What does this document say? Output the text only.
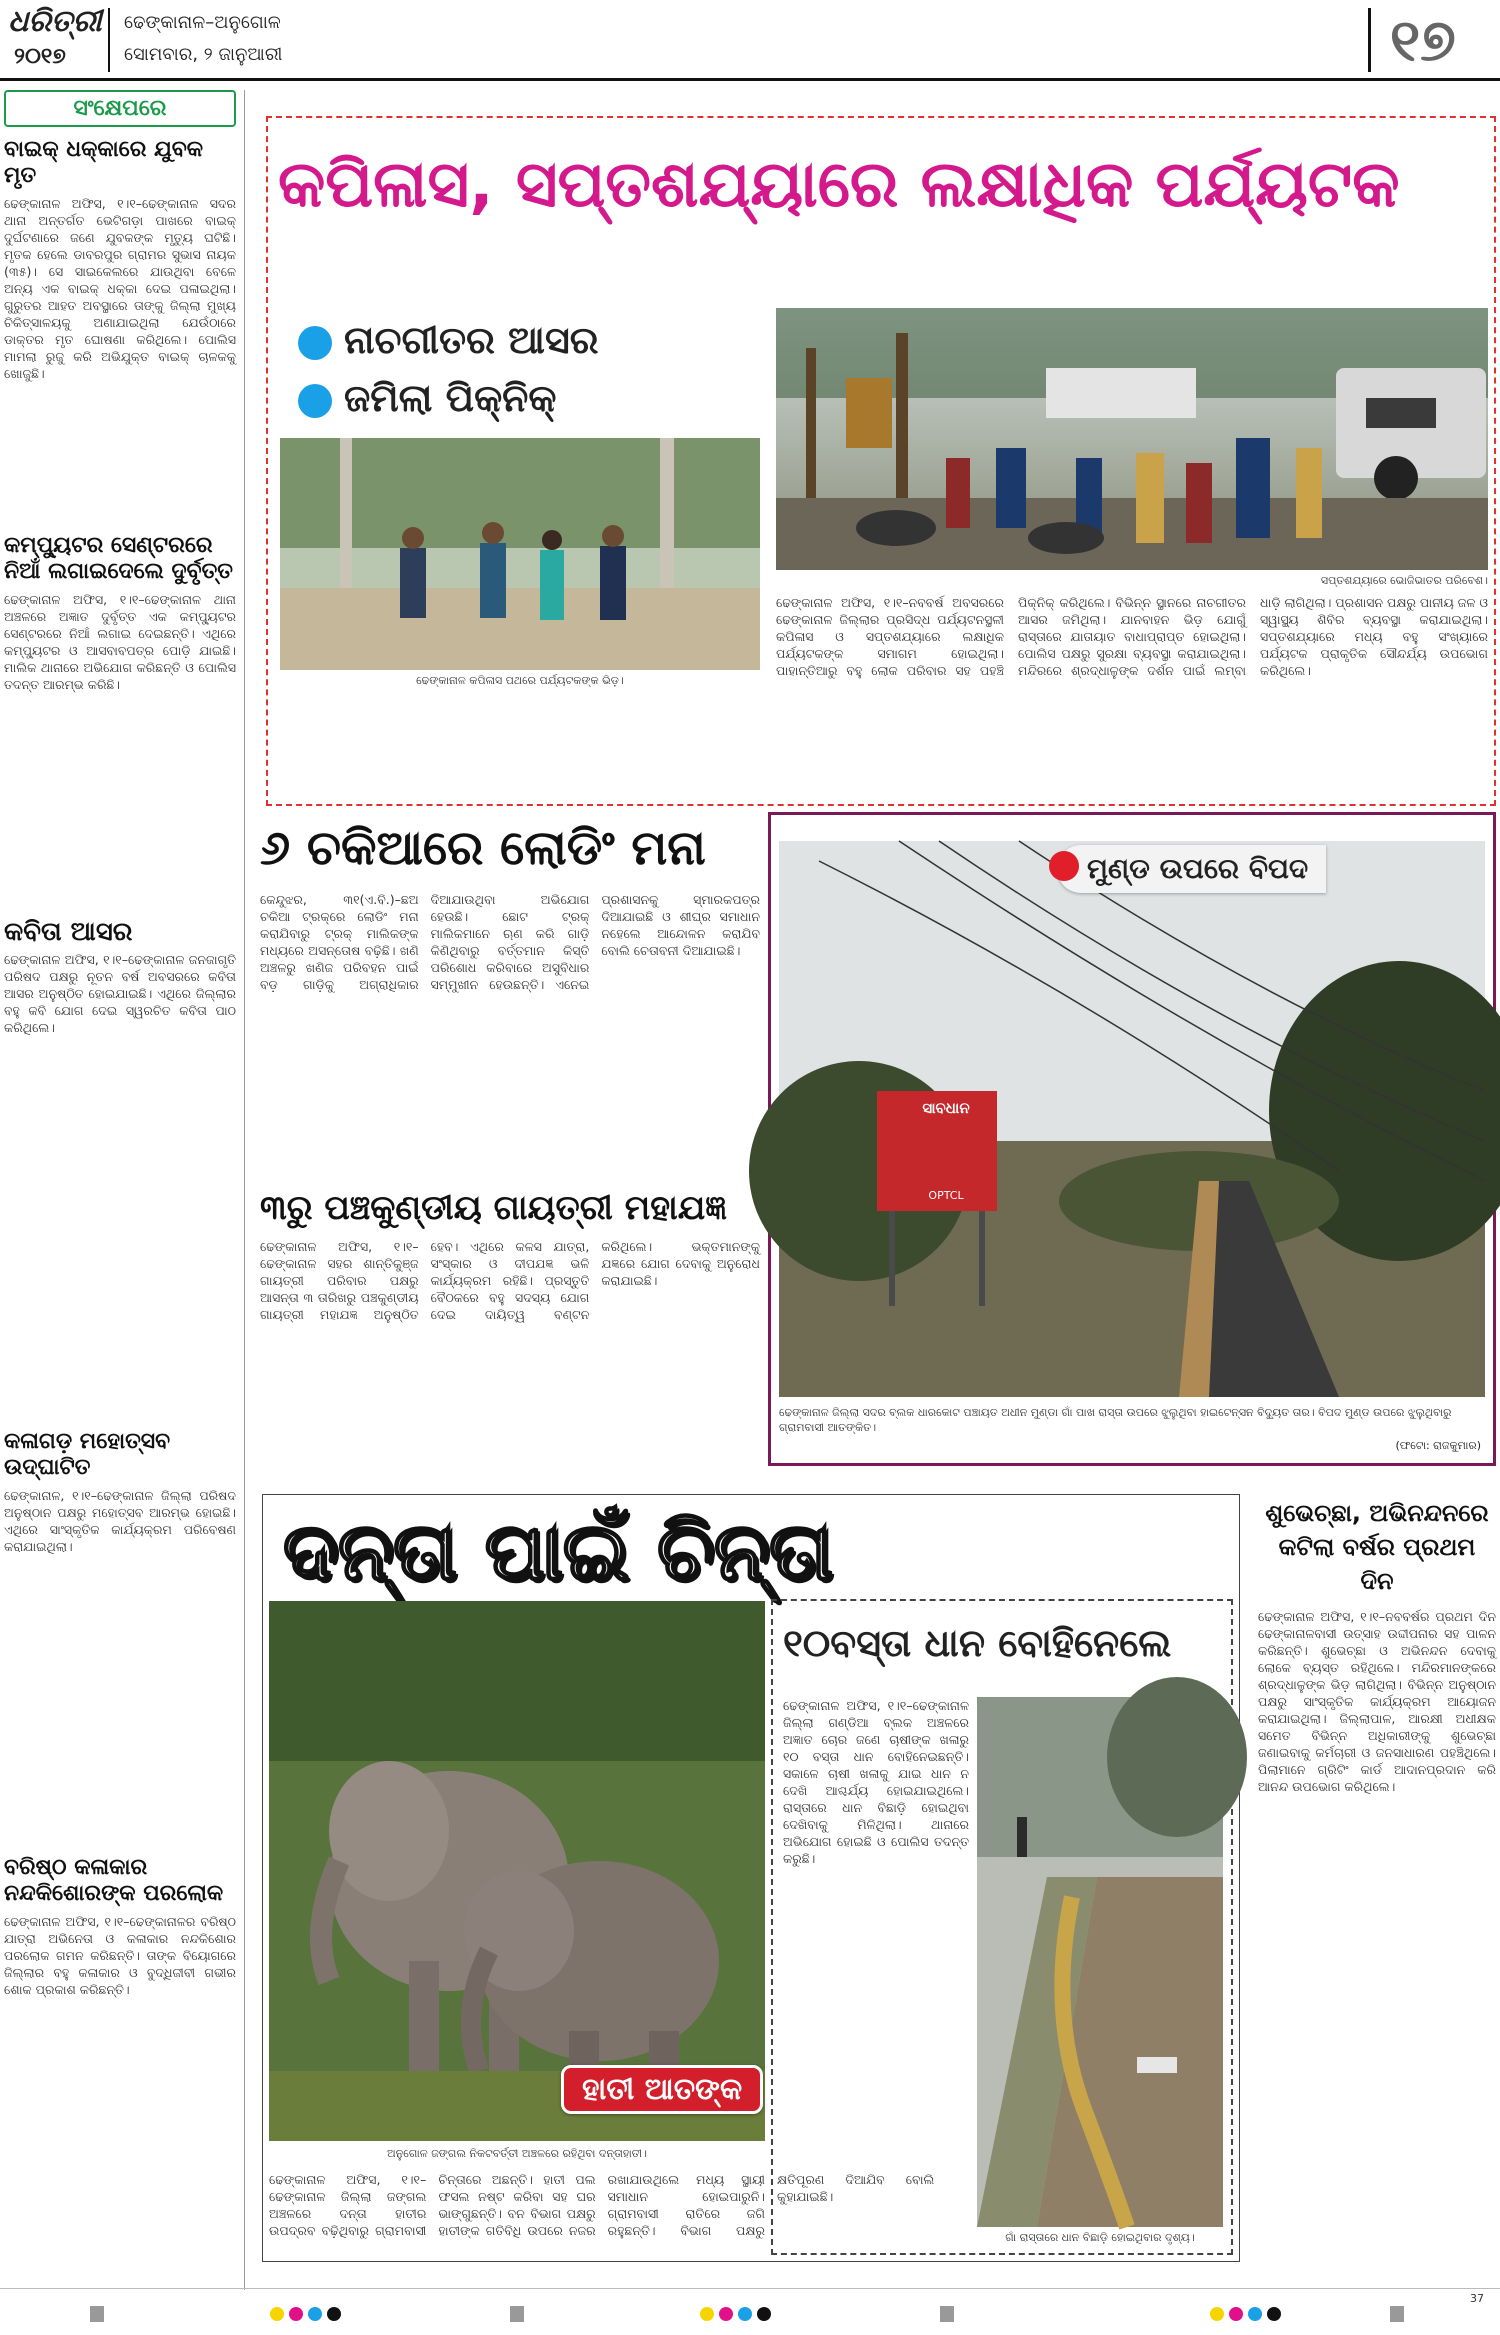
ଧରିତ୍ରୀ
୨୦୧୭
ଢେଙ୍କାନାଳ–ଅନୁଗୋଳ
ସୋମବାର, ୨ ଜାନୁଆରୀ	୧୭
ସଂକ୍ଷେପରେ
ବାଇକ୍‌ ଧକ୍କାରେ ଯୁବକ ମୃତ
ଢେଙ୍କାନାଳ ଅଫିସ, ୧।୧–ଢେଙ୍କାନାଳ ସଦର ଥାନା ଅନ୍ତର୍ଗତ ଭେଟିଗଡ଼ା ପାଖରେ ବାଇକ୍‌ ଦୁର୍ଘଟଣାରେ ଜଣେ ଯୁବକଙ୍କ ମୃତ୍ୟୁ ଘଟିଛି। ମୃତକ ହେଲେ ଡାବରପୁର ଗ୍ରାମର ସୁଭାସ ନାୟକ (୩୫)। ସେ ସାଇକେଲରେ ଯାଉଥିବା ବେଳେ ଅନ୍ୟ ଏକ ବାଇକ୍‌ ଧକ୍କା ଦେଇ ପଳାଇଥିଲା। ଗୁରୁତର ଆହତ ଅବସ୍ଥାରେ ତାଙ୍କୁ ଜିଲ୍ଲା ମୁଖ୍ୟ ଚିକିତ୍ସାଳୟକୁ ଅଣାଯାଇଥିଲା ଯେଉଁଠାରେ ଡାକ୍ତର ମୃତ ଘୋଷଣା କରିଥିଲେ। ପୋଲିସ ମାମଲା ରୁଜୁ କରି ଅଭିଯୁକ୍ତ ବାଇକ୍‌ ଚାଳକକୁ ଖୋଜୁଛି।
କମ୍ପ୍ୟୁଟର ସେଣ୍ଟରରେ ନିଆଁ ଲଗାଇଦେଲେ ଦୁର୍ବୃତ୍ତ
ଢେଙ୍କାନାଳ ଅଫିସ, ୧।୧–ଢେଙ୍କାନାଳ ଥାନା ଅଞ୍ଚଳରେ ଅଜ୍ଞାତ ଦୁର୍ବୃତ୍ତ ଏକ କମ୍ପ୍ୟୁଟର ସେଣ୍ଟରରେ ନିଆଁ ଲଗାଇ ଦେଇଛନ୍ତି। ଏଥିରେ କମ୍ପ୍ୟୁଟର ଓ ଆସବାବପତ୍ର ପୋଡ଼ି ଯାଇଛି। ମାଲିକ ଥାନାରେ ଅଭିଯୋଗ କରିଛନ୍ତି ଓ ପୋଲିସ ତଦନ୍ତ ଆରମ୍ଭ କରିଛି।
କବିତା ଆସର
ଢେଙ୍କାନାଳ ଅଫିସ, ୧।୧–ଢେଙ୍କାନାଳ ଜନଜାଗୃତି ପରିଷଦ ପକ୍ଷରୁ ନୂତନ ବର୍ଷ ଅବସରରେ କବିତା ଆସର ଅନୁଷ୍ଠିତ ହୋଇଯାଇଛି। ଏଥିରେ ଜିଲ୍ଲାର ବହୁ କବି ଯୋଗ ଦେଇ ସ୍ୱରଚିତ କବିତା ପାଠ କରିଥିଲେ।
କଳାଗଡ଼ ମହୋତ୍ସବ ଉଦ୍‌ଘାଟିତ
ଢେଙ୍କାନାଳ, ୧।୧–ଢେଙ୍କାନାଳ ଜିଲ୍ଲା ପରିଷଦ ଅନୁଷ୍ଠାନ ପକ୍ଷରୁ ମହୋତ୍ସବ ଆରମ୍ଭ ହୋଇଛି। ଏଥିରେ ସାଂସ୍କୃତିକ କାର୍ଯ୍ୟକ୍ରମ ପରିବେଷଣ କରାଯାଇଥିଲା।
ବରିଷ୍ଠ କଳାକାର ନନ୍ଦକିଶୋରଙ୍କ ପରଲୋକ
ଢେଙ୍କାନାଳ ଅଫିସ, ୧।୧–ଢେଙ୍କାନାଳର ବରିଷ୍ଠ ଯାତ୍ରା ଅଭିନେତା ଓ କଳାକାର ନନ୍ଦକିଶୋର ପରଲୋକ ଗମନ କରିଛନ୍ତି। ତାଙ୍କ ବିୟୋଗରେ ଜିଲ୍ଲାର ବହୁ କଳାକାର ଓ ବୁଦ୍ଧିଜୀବୀ ଗଭୀର ଶୋକ ପ୍ରକାଶ କରିଛନ୍ତି।
କପିଳାସ, ସପ୍ତଶଯ୍ୟାରେ ଲକ୍ଷାଧିକ ପର୍ଯ୍ୟଟକ
ନାଚଗୀତର ଆସର
ଜମିଲା ପିକ୍‌ନିକ୍‌
ସପ୍ତଶଯ୍ୟାରେ ଭୋଜିଭାତର ପରିବେଶ।
ଢେଙ୍କାନାଳ କପିଳାସ ପଥରେ ପର୍ଯ୍ୟଟକଙ୍କ ଭିଡ଼।
ଢେଙ୍କାନାଳ ଅଫିସ, ୧।୧–ନବବର୍ଷ ଅବସରରେ ଢେଙ୍କାନାଳ ଜିଲ୍ଲାର ପ୍ରସିଦ୍ଧ ପର୍ଯ୍ୟଟନସ୍ଥଳୀ କପିଳାସ ଓ ସପ୍ତଶଯ୍ୟାରେ ଲକ୍ଷାଧିକ ପର୍ଯ୍ୟଟକଙ୍କ ସମାଗମ ହୋଇଥିଲା। ପାହାନ୍ତିଆରୁ ବହୁ ଲୋକ ପରିବାର ସହ ପହଞ୍ଚି ପିକ୍‌ନିକ୍‌ କରିଥିଲେ। ବିଭିନ୍ନ ସ୍ଥାନରେ ନାଚଗୀତର ଆସର ଜମିଥିଲା। ଯାନବାହନ ଭିଡ଼ ଯୋଗୁଁ ରାସ୍ତାରେ ଯାତାୟାତ ବାଧାପ୍ରାପ୍ତ ହୋଇଥିଲା। ପୋଲିସ ପକ୍ଷରୁ ସୁରକ୍ଷା ବ୍ୟବସ୍ଥା କରାଯାଇଥିଲା। ମନ୍ଦିରରେ ଶ୍ରଦ୍ଧାଳୁଙ୍କ ଦର୍ଶନ ପାଇଁ ଲମ୍ବା ଧାଡ଼ି ଲାଗିଥିଲା। ପ୍ରଶାସନ ପକ୍ଷରୁ ପାନୀୟ ଜଳ ଓ ସ୍ୱାସ୍ଥ୍ୟ ଶିବିର ବ୍ୟବସ୍ଥା କରାଯାଇଥିଲା। ସପ୍ତଶଯ୍ୟାରେ ମଧ୍ୟ ବହୁ ସଂଖ୍ୟାରେ ପର୍ଯ୍ୟଟକ ପ୍ରାକୃତିକ ସୌନ୍ଦର୍ଯ୍ୟ ଉପଭୋଗ କରିଥିଲେ।
୬ ଚକିଆରେ ଲୋଡିଂ ମନା
କେନ୍ଦୁଝର, ୩୧(ଏ.ବି.)–ଛଅ ଚକିଆ ଟ୍ରକ୍‌ରେ ଲୋଡିଂ ମନା କରାଯିବାରୁ ଟ୍ରକ୍‌ ମାଲିକଙ୍କ ମଧ୍ୟରେ ଅସନ୍ତୋଷ ବଢ଼ିଛି। ଖଣି ଅଞ୍ଚଳରୁ ଖଣିଜ ପରିବହନ ପାଇଁ ବଡ଼ ଗାଡ଼ିକୁ ଅଗ୍ରାଧିକାର ଦିଆଯାଉଥିବା ଅଭିଯୋଗ ହେଉଛି। ଛୋଟ ଟ୍ରକ୍‌ ମାଲିକମାନେ ଋଣ କରି ଗାଡ଼ି କିଣିଥିବାରୁ ବର୍ତ୍ତମାନ କିସ୍ତି ପରିଶୋଧ କରିବାରେ ଅସୁବିଧାର ସମ୍ମୁଖୀନ ହେଉଛନ୍ତି। ଏନେଇ ପ୍ରଶାସନକୁ ସ୍ମାରକପତ୍ର ଦିଆଯାଇଛି ଓ ଶୀଘ୍ର ସମାଧାନ ନହେଲେ ଆନ୍ଦୋଳନ କରାଯିବ ବୋଲି ଚେତାବନୀ ଦିଆଯାଇଛି।
୩ରୁ ପଞ୍ଚକୁଣ୍ଡୀୟ ଗାୟତ୍ରୀ ମହାଯଜ୍ଞ
ଢେଙ୍କାନାଳ ଅଫିସ, ୧।୧–ଢେଙ୍କାନାଳ ସହର ଶାନ୍ତିକୁଞ୍ଜ ଗାୟତ୍ରୀ ପରିବାର ପକ୍ଷରୁ ଆସନ୍ତା ୩ ତାରିଖରୁ ପଞ୍ଚକୁଣ୍ଡୀୟ ଗାୟତ୍ରୀ ମହାଯଜ୍ଞ ଅନୁଷ୍ଠିତ ହେବ। ଏଥିରେ କଳସ ଯାତ୍ରା, ସଂସ୍କାର ଓ ଦୀପଯଜ୍ଞ ଭଳି କାର୍ଯ୍ୟକ୍ରମ ରହିଛି। ପ୍ରସ୍ତୁତି ବୈଠକରେ ବହୁ ସଦସ୍ୟ ଯୋଗ ଦେଇ ଦାୟିତ୍ୱ ବଣ୍ଟନ କରିଥିଲେ। ଭକ୍ତମାନଙ୍କୁ ଯଜ୍ଞରେ ଯୋଗ ଦେବାକୁ ଅନୁରୋଧ କରାଯାଇଛି।
ସାବଧାନ
OPTCL
ମୁଣ୍ଡ ଉପରେ ବିପଦ
ଢେଙ୍କାନାଳ ଜିଲ୍ଲା ସଦର ବ୍ଲକ ଧାରକୋଟ ପଞ୍ଚାୟତ ଅଧୀନ ମୁଣ୍ଡା ଗାଁ ପାଖ ରାସ୍ତା ଉପରେ ଝୁଲୁଥିବା ହାଇଟେନ୍‌ସନ ବିଦ୍ୟୁତ ତାର। ବିପଦ ମୁଣ୍ଡ ଉପରେ ଝୁଲୁଥିବାରୁ ଗ୍ରାମବାସୀ ଆତଙ୍କିତ।
(ଫଟୋ: ରାଜକୁମାର)
ଦନ୍ତା ପାଇଁ ଚିନ୍ତା
ହାତୀ ଆତଙ୍କ
ଅନୁଗୋଳ ଜଙ୍ଗଲ ନିକଟବର୍ତ୍ତୀ ଅଞ୍ଚଳରେ ରହିଥିବା ଦନ୍ତାହାତୀ।
ଢେଙ୍କାନାଳ ଅଫିସ, ୧।୧–ଢେଙ୍କାନାଳ ଜିଲ୍ଲା ଜଙ୍ଗଲ ଅଞ୍ଚଳରେ ଦନ୍ତା ହାତୀର ଉପଦ୍ରବ ବଢ଼ିଥିବାରୁ ଗ୍ରାମବାସୀ ଚିନ୍ତାରେ ଅଛନ୍ତି। ହାତୀ ପଲ ଫସଲ ନଷ୍ଟ କରିବା ସହ ଘର ଭାଙ୍ଗୁଛନ୍ତି। ବନ ବିଭାଗ ପକ୍ଷରୁ ହାତୀଙ୍କ ଗତିବିଧି ଉପରେ ନଜର ରଖାଯାଉଥିଲେ ମଧ୍ୟ ସ୍ଥାୟୀ ସମାଧାନ ହୋଇପାରୁନି। ଗ୍ରାମବାସୀ ରାତିରେ ଜଗି ରହୁଛନ୍ତି। ବିଭାଗ ପକ୍ଷରୁ କ୍ଷତିପୂରଣ ଦିଆଯିବ ବୋଲି କୁହାଯାଇଛି।
୧୦ବସ୍ତା ଧାନ ବୋହିନେଲେ
ଢେଙ୍କାନାଳ ଅଫିସ, ୧।୧–ଢେଙ୍କାନାଳ ଜିଲ୍ଲା ଗଣ୍ଡିଆ ବ୍ଲକ ଅଞ୍ଚଳରେ ଅଜ୍ଞାତ ଚୋର ଜଣେ ଚାଷୀଙ୍କ ଖଳାରୁ ୧୦ ବସ୍ତା ଧାନ ବୋହିନେଇଛନ୍ତି। ସକାଳେ ଚାଷୀ ଖଳାକୁ ଯାଇ ଧାନ ନ ଦେଖି ଆଶ୍ଚର୍ଯ୍ୟ ହୋଇଯାଇଥିଲେ। ରାସ୍ତାରେ ଧାନ ବିଛାଡ଼ି ହୋଇଥିବା ଦେଖିବାକୁ ମିଳିଥିଲା। ଥାନାରେ ଅଭିଯୋଗ ହୋଇଛି ଓ ପୋଲିସ ତଦନ୍ତ କରୁଛି।
ଗାଁ ରାସ୍ତାରେ ଧାନ ବିଛାଡ଼ି ହୋଇଥିବାର ଦୃଶ୍ୟ।
ଶୁଭେଚ୍ଛା, ଅଭିନନ୍ଦନରେ କଟିଲା ବର୍ଷର ପ୍ରଥମ ଦିନ
ଢେଙ୍କାନାଳ ଅଫିସ, ୧।୧–ନବବର୍ଷର ପ୍ରଥମ ଦିନ ଢେଙ୍କାନାଳବାସୀ ଉତ୍ସାହ ଉଦ୍ଦୀପନାର ସହ ପାଳନ କରିଛନ୍ତି। ଶୁଭେଚ୍ଛା ଓ ଅଭିନନ୍ଦନ ଦେବାକୁ ଲୋକେ ବ୍ୟସ୍ତ ରହିଥିଲେ। ମନ୍ଦିରମାନଙ୍କରେ ଶ୍ରଦ୍ଧାଳୁଙ୍କ ଭିଡ଼ ଲାଗିଥିଲା। ବିଭିନ୍ନ ଅନୁଷ୍ଠାନ ପକ୍ଷରୁ ସାଂସ୍କୃତିକ କାର୍ଯ୍ୟକ୍ରମ ଆୟୋଜନ କରାଯାଇଥିଲା। ଜିଲ୍ଲାପାଳ, ଆରକ୍ଷୀ ଅଧୀକ୍ଷକ ସମେତ ବିଭିନ୍ନ ଅଧିକାରୀଙ୍କୁ ଶୁଭେଚ୍ଛା ଜଣାଇବାକୁ କର୍ମଚାରୀ ଓ ଜନସାଧାରଣ ପହଞ୍ଚିଥିଲେ। ପିଲାମାନେ ଗ୍ରିଟିଂ କାର୍ଡ ଆଦାନପ୍ରଦାନ କରି ଆନନ୍ଦ ଉପଭୋଗ କରିଥିଲେ।

37
